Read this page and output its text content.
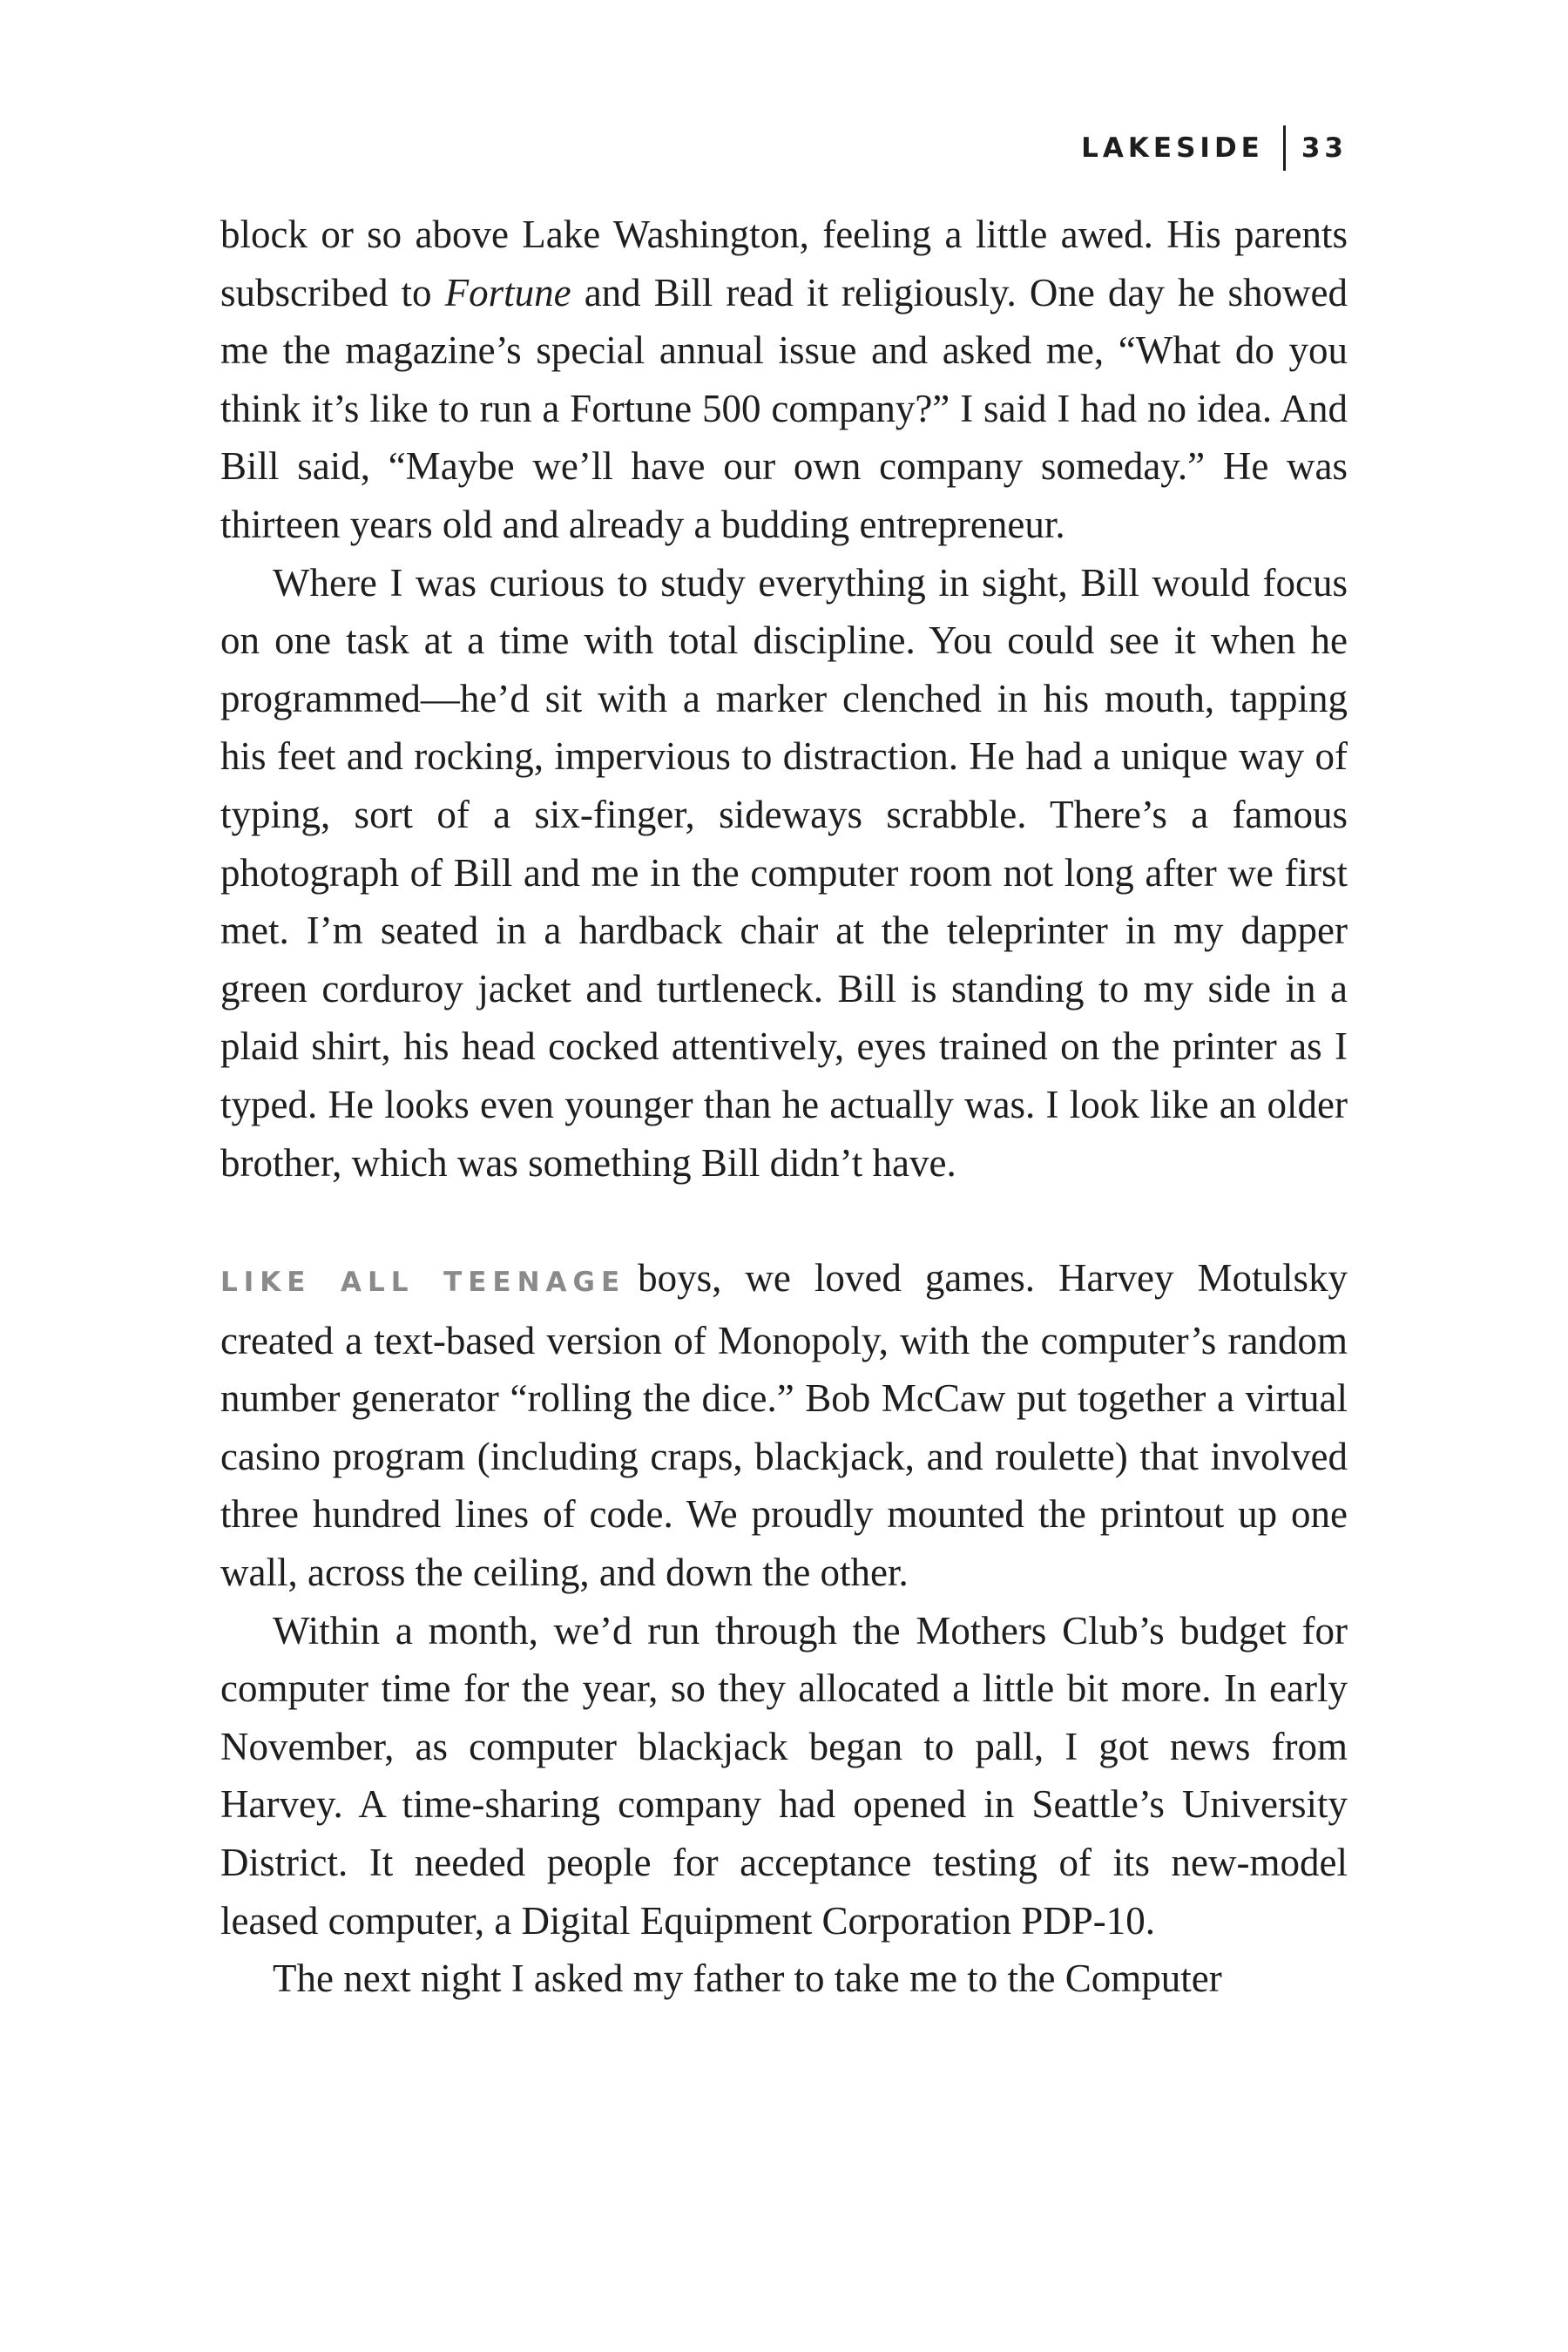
LAKESIDE 33

block or so above Lake Washington, feeling a little awed. His parents subscribed to Fortune and Bill read it religiously. One day he showed me the magazine’s special annual issue and asked me, “What do you think it’s like to run a Fortune 500 company?” I said I had no idea. And Bill said, “Maybe we’ll have our own company someday.” He was thirteen years old and already a budding entrepreneur.

Where I was curious to study everything in sight, Bill would focus on one task at a time with total discipline. You could see it when he programmed—he’d sit with a marker clenched in his mouth, tapping his feet and rocking, impervious to distraction. He had a unique way of typing, sort of a six-finger, sideways scrabble. There’s a famous photograph of Bill and me in the computer room not long after we first met. I’m seated in a hardback chair at the teleprinter in my dapper green corduroy jacket and turtleneck. Bill is standing to my side in a plaid shirt, his head cocked attentively, eyes trained on the printer as I typed. He looks even younger than he actually was. I look like an older brother, which was something Bill didn’t have.

LIKE ALL TEENAGE boys, we loved games. Harvey Motulsky created a text-based version of Monopoly, with the computer’s random number generator “rolling the dice.” Bob McCaw put together a virtual casino program (including craps, blackjack, and roulette) that involved three hundred lines of code. We proudly mounted the printout up one wall, across the ceiling, and down the other.

Within a month, we’d run through the Mothers Club’s budget for computer time for the year, so they allocated a little bit more. In early November, as computer blackjack began to pall, I got news from Harvey. A time-sharing company had opened in Seattle’s University District. It needed people for acceptance testing of its new-model leased computer, a Digital Equipment Corporation PDP-10.

The next night I asked my father to take me to the Computer
